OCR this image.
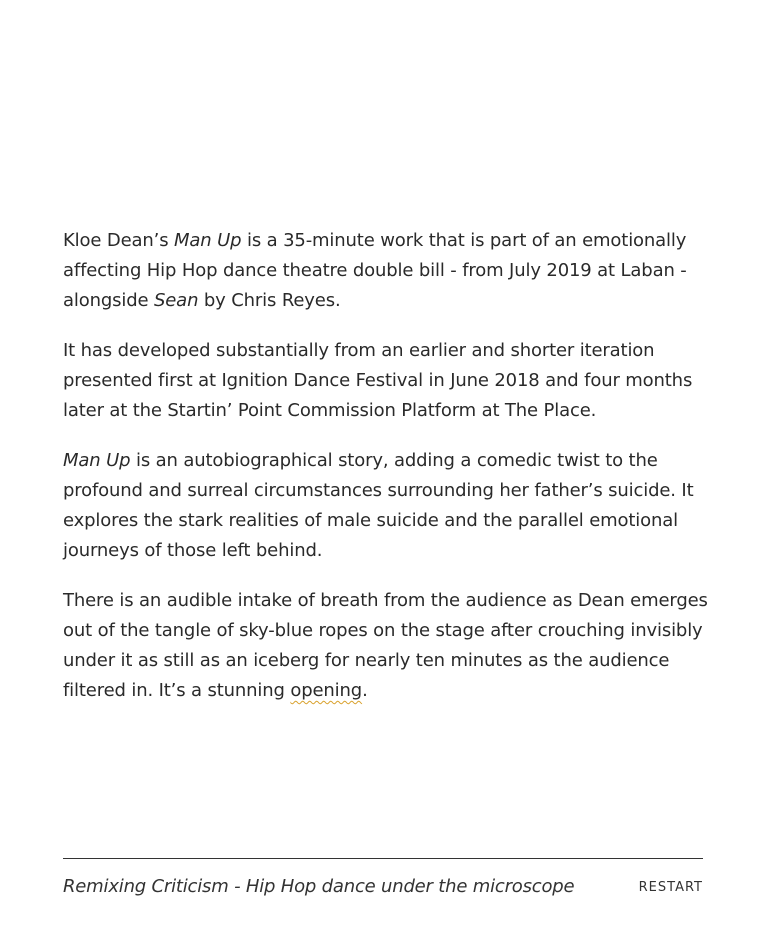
Kloe Dean’s Man Up is a 35-minute work that is part of an emotionally affecting Hip Hop dance theatre double bill - from July 2019 at Laban - alongside Sean by Chris Reyes.

It has developed substantially from an earlier and shorter iteration presented first at Ignition Dance Festival in June 2018 and four months later at the Startin’ Point Commission Platform at The Place.

Man Up is an autobiographical story, adding a comedic twist to the profound and surreal circumstances surrounding her father’s suicide. It explores the stark realities of male suicide and the parallel emotional journeys of those left behind.

There is an audible intake of breath from the audience as Dean emerges out of the tangle of sky-blue ropes on the stage after crouching invisibly under it as still as an iceberg for nearly ten minutes as the audience filtered in. It’s a stunning opening.

Remixing Criticism - Hip Hop dance under the microscope	RESTART
